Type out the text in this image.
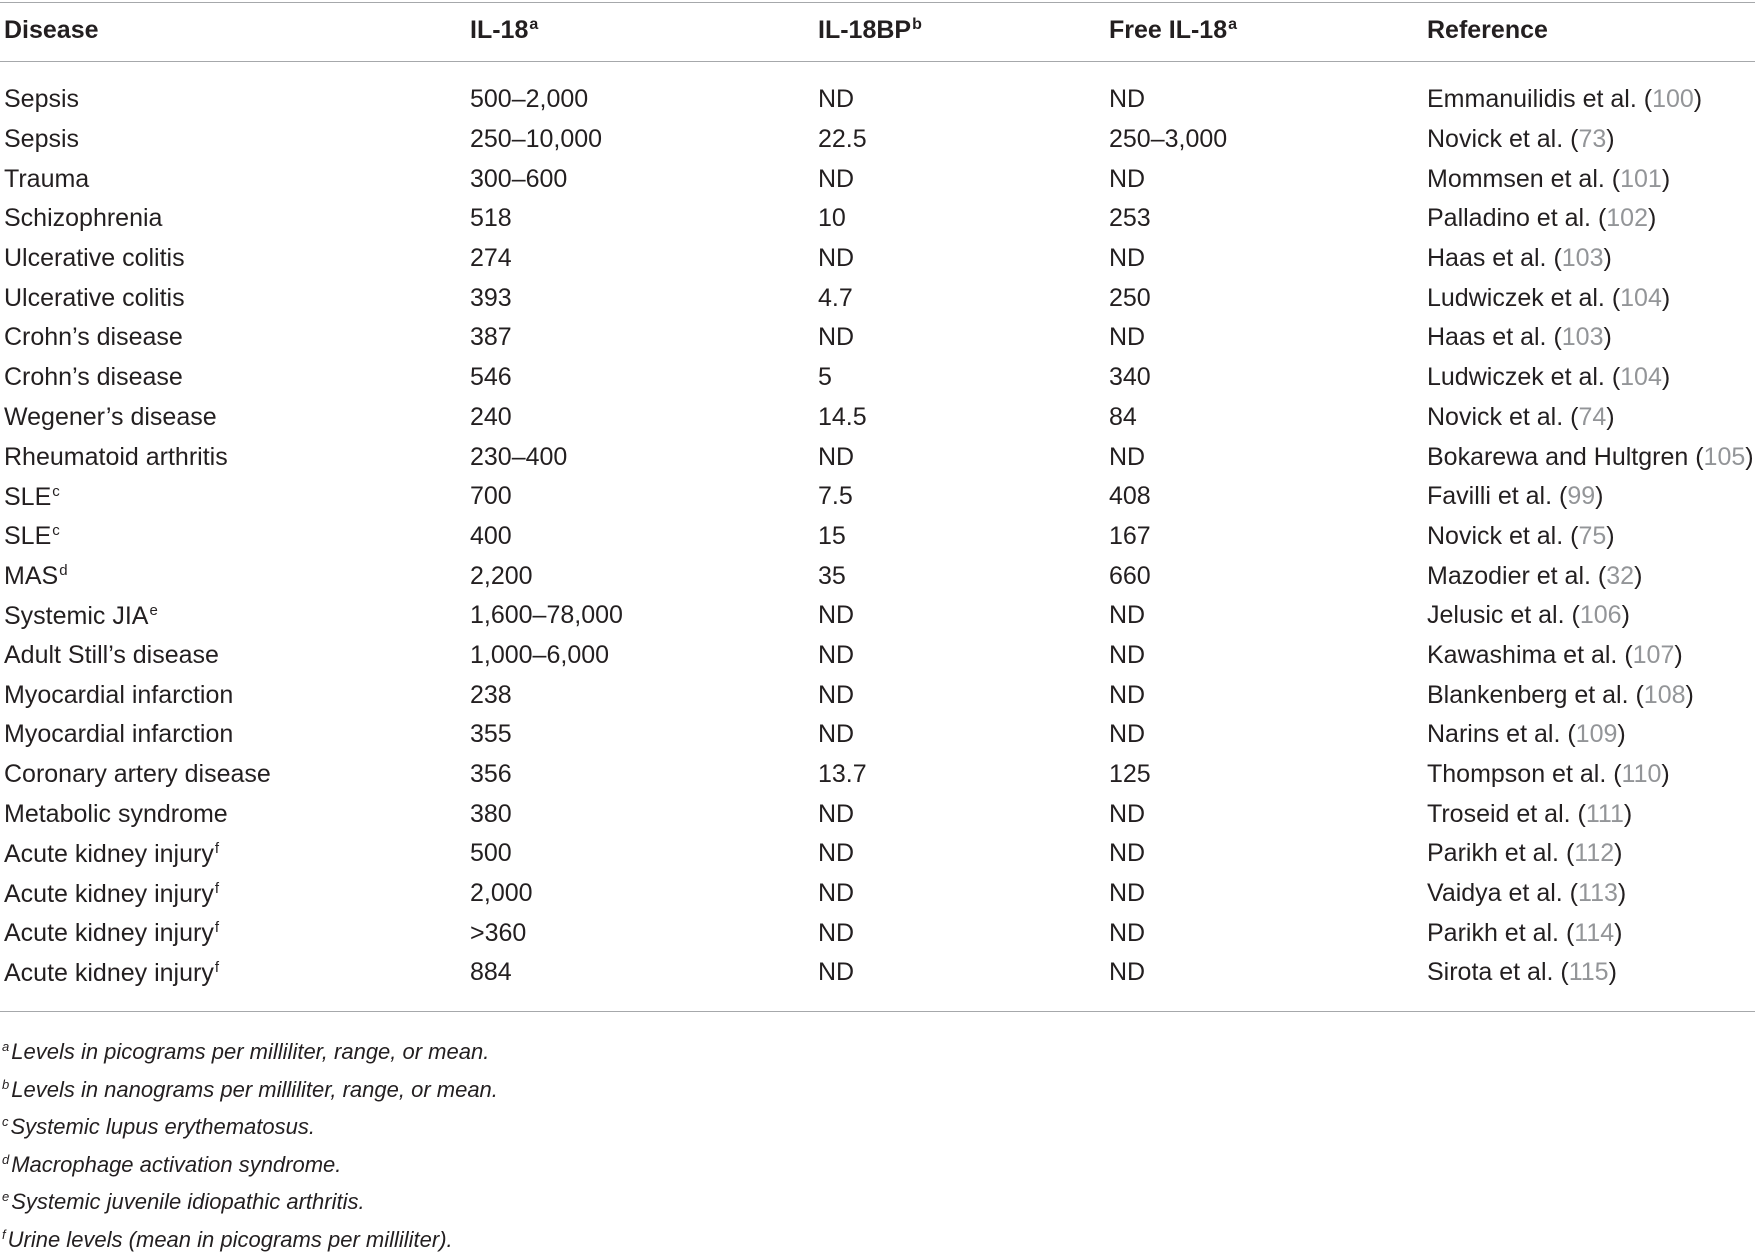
Disease	IL-18$^a$	$IL-18BP^b$	Free IL-18$^a$	Reference

Sepsis	500–2,000	ND	ND	Emmanuilidis et al. (100)
Sepsis	250–10,000	22.5	250–3,000	Novick et al. (73)
Trauma	300–600	ND	ND	Mommsen et al. (101)
Schizophrenia	518	10	253	Palladino et al. (102)
Ulcerative colitis	274	ND	ND	Haas et al. (103)
Ulcerative colitis	393	4.7	250	Ludwiczek et al. (104)
Crohn’s disease	387	ND	ND	Haas et al. (103)
Crohn’s disease	546	5	340	Ludwiczek et al. (104)
Wegener’s disease	240	14.5	84	Novick et al. (74)
Rheumatoid arthritis	230–400	ND	ND	Bokarewa and Hultgren (105)
SLE$^c$	700	7.5	408	Favilli et al. (99)
SLE$^c$	400	15	167	Novick et al. (75)
MAS$^d$	2,200	35	660	Mazodier et al. (32)
Systemic JIA$^e$	1,600–78,000	ND	ND	Jelusic et al. (106)
Adult Still’s disease	1,000–6,000	ND	ND	Kawashima et al. (107)
Myocardial infarction	238	ND	ND	Blankenberg et al. (108)
Myocardial infarction	355	ND	ND	Narins et al. (109)
Coronary artery disease	356	13.7	125	Thompson et al. (110)
Metabolic syndrome	380	ND	ND	Troseid et al. (111)
Acute kidney injury$^f$	500	ND	ND	Parikh et al. (112)
Acute kidney injury$^f$	2,000	ND	ND	Vaidya et al. (113)
Acute kidney injury$^f$	>360	ND	ND	Parikh et al. (114)
Acute kidney injury$^f$	884	ND	ND	Sirota et al. (115)
$^a$Levels in picograms per milliliter, range, or mean.
$^b$Levels in nanograms per milliliter, range, or mean.
$^c$Systemic lupus erythematosus.
$^d$Macrophage activation syndrome.
$^e$Systemic juvenile idiopathic arthritis.
$^f$Urine levels (mean in picograms per milliliter).
